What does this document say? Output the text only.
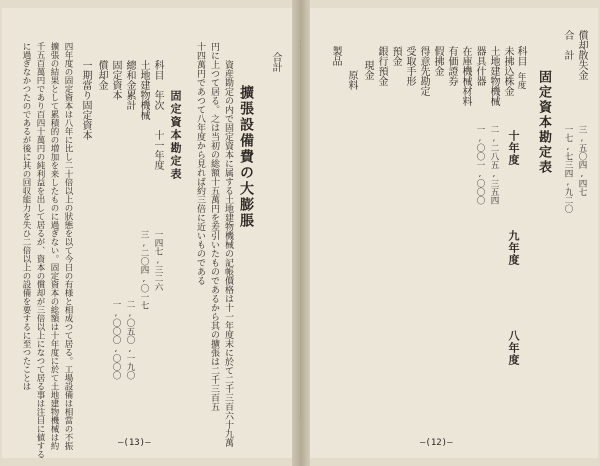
償却散失金
合　計
固定資本勘定表
科目
年度
未拂込株金
土地建物機械
器具什器
在庫機械材料
有価證券
假拂金
得意先勘定
受取手形
預金
銀行預金
現金
原料
製品
十年度
九年度
八年度
三,五〇四,四七
一七,七三四,九二〇
二,二八五,三五四
一,〇〇一,〇〇〇
—(12)—
合計
擴張設備費の大膨脹
資産勘定の内で固定資本に属する土地建物機械の記帳價格は十一年度末に於て二千三百六十九萬
円に上つて居る。之は当初の総額十五萬円を差引いたものであるから其の擴張は二千三百五
十四萬円であつて八年度から見れば約三倍に近いものである
固定資本勘定表
科目　年次　　十一年度
土地建物機械
總和金累計
固定資本
償却金
一期當り固定資本
四年度の固定資本は八年に比し二十倍以上の狀態を以て今日の有様と相成つて居る。工場設備は相當の不振
擴張の結果として累積的の増加を来したものに過ぎない。固定資本の総額は十年度に於て土地建物機械は約
千五百萬円であり百四十萬円の純利益を出して居るが、資本の償却が三倍以上になつて居る事は注目に値する
に過ぎなかつたのであるが後に其の回収能力を失ひ二倍以上の設備を要するに至つたことは	一四七,三二六
三,二〇四,〇一七
二,〇五〇,一九〇
一,〇〇〇,〇〇〇
—(13)—
